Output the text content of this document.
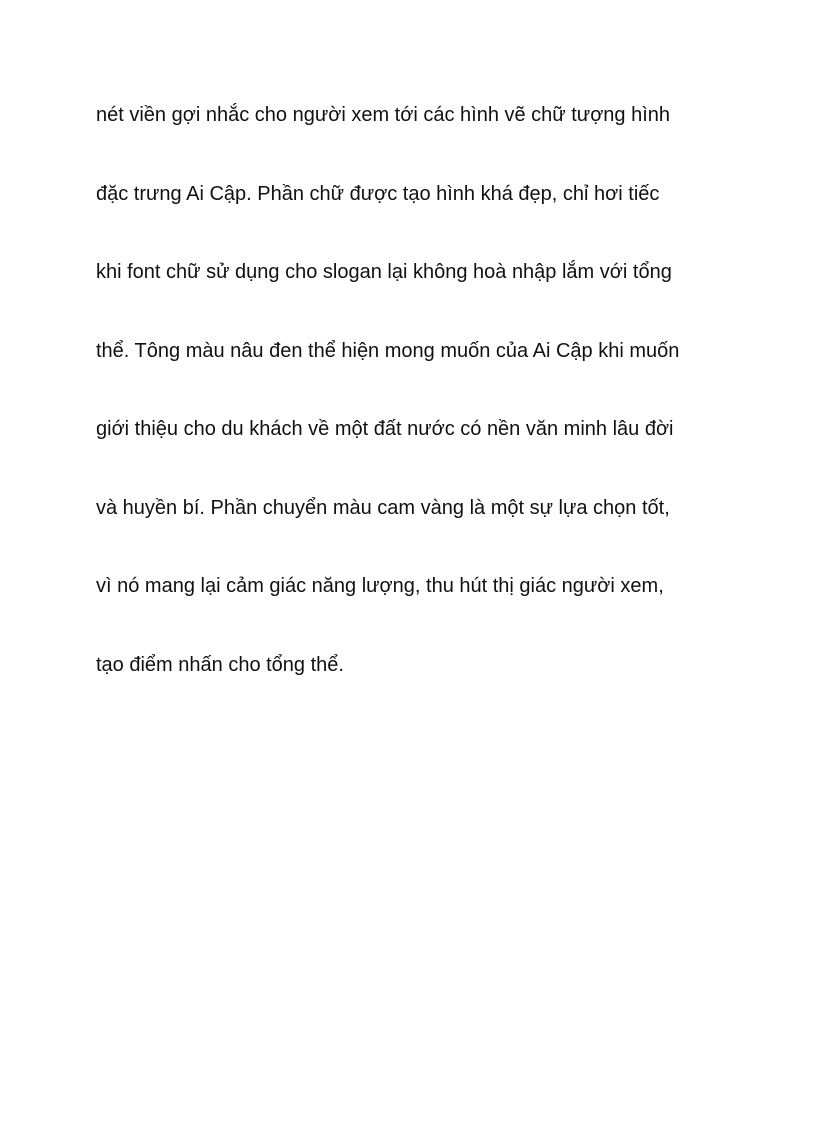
nét viền gợi nhắc cho người xem tới các hình vẽ chữ tượng hình
đặc trưng Ai Cập. Phần chữ được tạo hình khá đẹp, chỉ hơi tiếc
khi font chữ sử dụng cho slogan lại không hoà nhập lắm với tổng
thể. Tông màu nâu đen thể hiện mong muốn của Ai Cập khi muốn
giới thiệu cho du khách về một đất nước có nền văn minh lâu đời
và huyền bí. Phần chuyển màu cam vàng là một sự lựa chọn tốt,
vì nó mang lại cảm giác năng lượng, thu hút thị giác người xem,
tạo điểm nhấn cho tổng thể.
